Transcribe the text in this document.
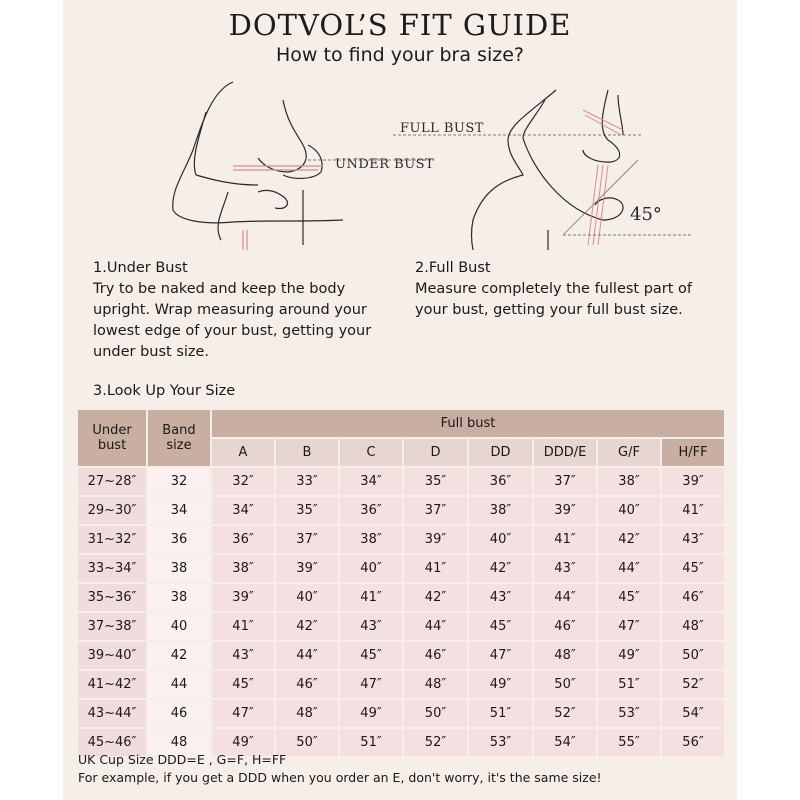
DOTVOL’S FIT GUIDE
How to find your bra size?
UNDER BUST
FULL BUST
45°
1.Under Bust
Try to be naked and keep the body upright. Wrap measuring around your lowest edge of your bust, getting your under bust size.
2.Full Bust
Measure completely the fullest part of your bust, getting your full bust size.
3.Look Up Your Size
Under
bust	Band
size	Full bust							
		A	B	C	D	DD	DDD/E	G/F	H/FF
27~28″	32	32″	33″	34″	35″	36″	37″	38″	39″
29~30″	34	34″	35″	36″	37″	38″	39″	40″	41″
31~32″	36	36″	37″	38″	39″	40″	41″	42″	43″
33~34″	38	38″	39″	40″	41″	42″	43″	44″	45″
35~36″	38	39″	40″	41″	42″	43″	44″	45″	46″
37~38″	40	41″	42″	43″	44″	45″	46″	47″	48″
39~40″	42	43″	44″	45″	46″	47″	48″	49″	50″
41~42″	44	45″	46″	47″	48″	49″	50″	51″	52″
43~44″	46	47″	48″	49″	50″	51″	52″	53″	54″
45~46″	48	49″	50″	51″	52″	53″	54″	55″	56″
UK Cup Size DDD=E , G=F, H=FF
For example, if you get a DDD when you order an E, don't worry, it's the same size!
